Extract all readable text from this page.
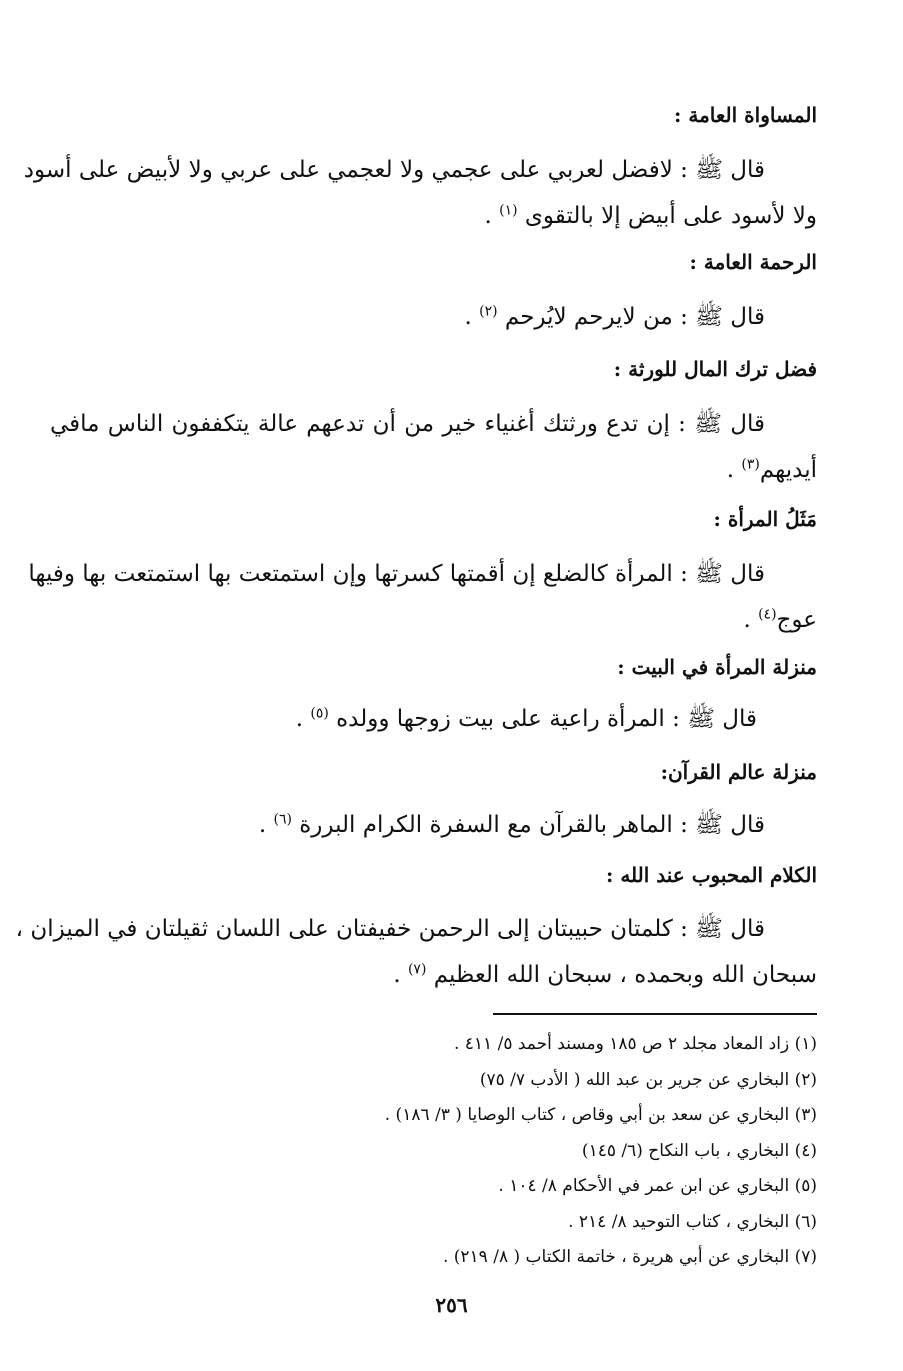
المساواة العامة :
قال ﷺ : لافضل لعربي على عجمي ولا لعجمي على عربي ولا لأبيض على أسود
ولا لأسود على أبيض إلا بالتقوى $^{(١)}$ .
الرحمة العامة :
قال ﷺ : من لايرحم لايُرحم $^{(٢)}$ .
فضل ترك المال للورثة :
قال ﷺ : إن تدع ورثتك أغنياء خير من أن تدعهم عالة يتكففون الناس مافي
أيديهم$^{(٣)}$ .
مَثَلُ المرأة :
قال ﷺ : المرأة كالضلع إن أقمتها كسرتها وإن استمتعت بها استمتعت بها وفيها
عوج$^{(٤)}$ .
منزلة المرأة في البيت :
قال ﷺ : المرأة راعية على بيت زوجها وولده $^{(٥)}$ .
منزلة عالم القرآن:
قال ﷺ : الماهر بالقرآن مع السفرة الكرام البررة $^{(٦)}$ .
الكلام المحبوب عند الله :
قال ﷺ : كلمتان حبيبتان إلى الرحمن خفيفتان على اللسان ثقيلتان في الميزان ،
سبحان الله وبحمده ، سبحان الله العظيم $^{(٧)}$ .
(١) زاد المعاد مجلد ٢ ص ١٨٥ ومسند أحمد ٥/ ٤١١ .
(٢) البخاري عن جرير بن عبد الله ( الأدب ٧/ ٧٥)
(٣) البخاري عن سعد بن أبي وقاص ، كتاب الوصايا ( ٣/ ١٨٦) .
(٤) البخاري ، باب النكاح (٦/ ١٤٥)
(٥) البخاري عن ابن عمر في الأحكام ٨/ ١٠٤ .
(٦) البخاري ، كتاب التوحيد ٨/ ٢١٤ .
(٧) البخاري عن أبي هريرة ، خاتمة الكتاب ( ٨/ ٢١٩) .
٢٥٦
